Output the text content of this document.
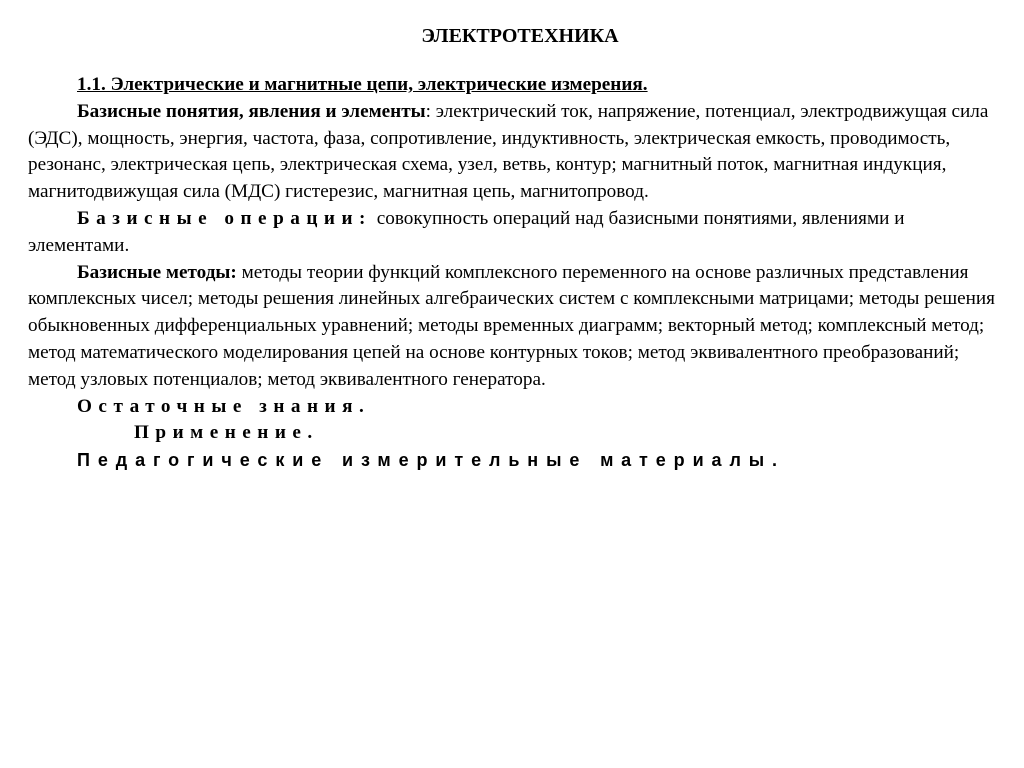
ЭЛЕКТРОТЕХНИКА

1.1. Электрические и магнитные цепи, электрические измерения.

Базисные понятия, явления и элементы: электрический ток, напряжение, потенциал, электродвижущая сила (ЭДС), мощность, энергия, частота, фаза, сопротивление, индуктивность, электрическая емкость, проводимость, резонанс, электрическая цепь, электрическая схема, узел, ветвь, контур; магнитный поток, магнитная индукция, магнитодвижущая сила (МДС) гистерезис, магнитная цепь, магнитопровод.

Базисные операции: совокупность операций над базисными понятиями, явлениями и элементами.

Базисные методы: методы теории функций комплексного переменного на основе различных представления комплексных чисел; методы решения линейных алгебраических систем с комплексными матрицами; методы решения обыкновенных дифференциальных уравнений; методы временных диаграмм; векторный метод; комплексный метод; метод математического моделирования цепей на основе контурных токов; метод эквивалентного преобразований; метод узловых потенциалов; метод эквивалентного генератора.

Остаточные знания.

Применение.

Педагогические измерительные материалы.
